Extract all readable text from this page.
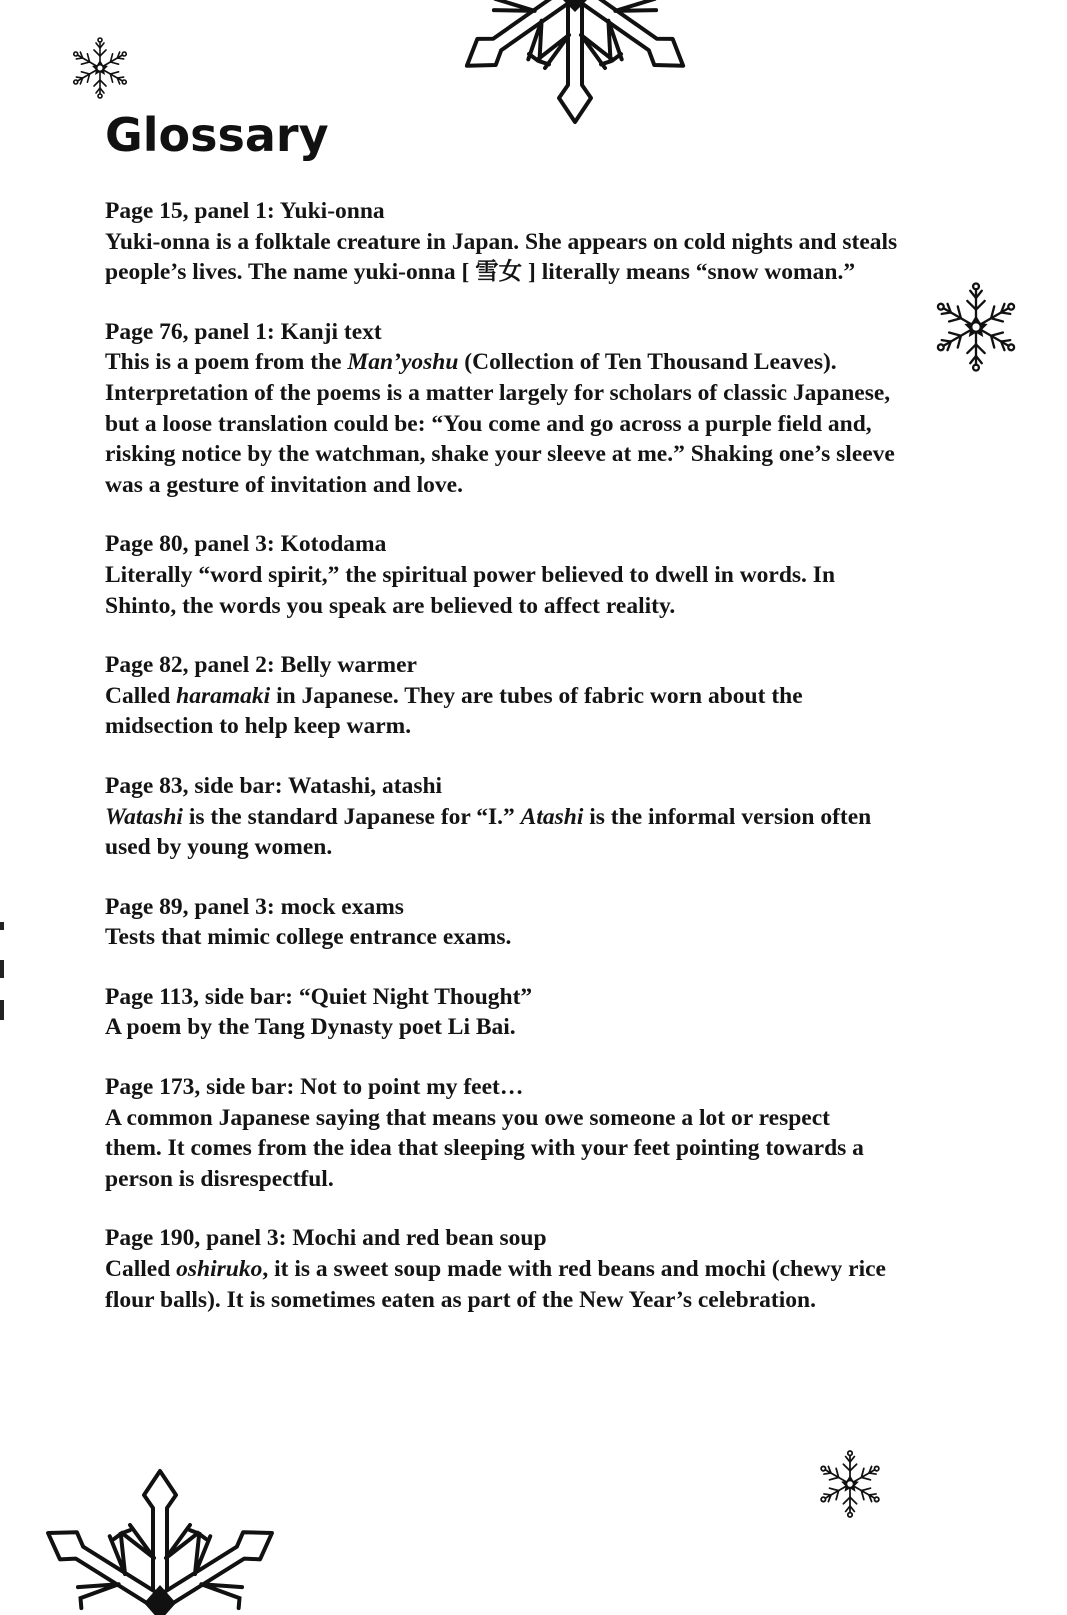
Glossary

Page 15, panel 1: Yuki-onna

Yuki-onna is a folktale creature in Japan. She appears on cold nights and steals

people’s lives. The name yuki-onna [ 雪女 ] literally means “snow woman.”

Page 76, panel 1: Kanji text

This is a poem from the Man’yoshu (Collection of Ten Thousand Leaves).

Interpretation of the poems is a matter largely for scholars of classic Japanese,

but a loose translation could be: “You come and go across a purple field and,

risking notice by the watchman, shake your sleeve at me.” Shaking one’s sleeve

was a gesture of invitation and love.

Page 80, panel 3: Kotodama

Literally “word spirit,” the spiritual power believed to dwell in words. In

Shinto, the words you speak are believed to affect reality.

Page 82, panel 2: Belly warmer

Called haramaki in Japanese. They are tubes of fabric worn about the

midsection to help keep warm.

Page 83, side bar: Watashi, atashi

Watashi is the standard Japanese for “I.” Atashi is the informal version often

used by young women.

Page 89, panel 3: mock exams

Tests that mimic college entrance exams.

Page 113, side bar: “Quiet Night Thought”

A poem by the Tang Dynasty poet Li Bai.

Page 173, side bar: Not to point my feet…

A common Japanese saying that means you owe someone a lot or respect

them. It comes from the idea that sleeping with your feet pointing towards a

person is disrespectful.

Page 190, panel 3: Mochi and red bean soup

Called oshiruko, it is a sweet soup made with red beans and mochi (chewy rice

flour balls). It is sometimes eaten as part of the New Year’s celebration.
